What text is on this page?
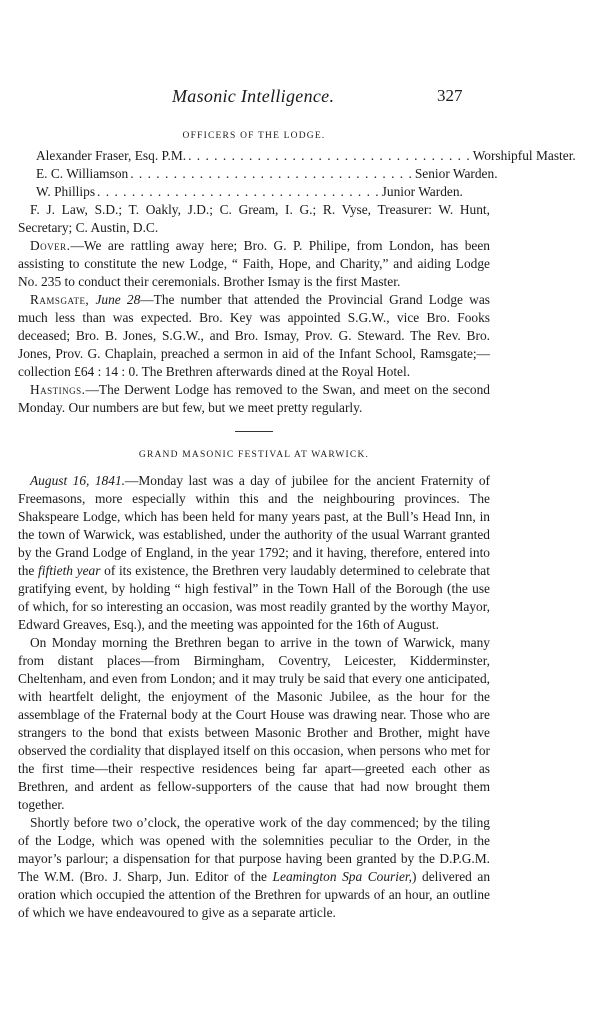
Masonic Intelligence.	327
OFFICERS OF THE LODGE.
Alexander Fraser, Esq. P.M. . . . . . . . . . . . . . . . . . . . . . . . . . . . . . . . . . Worshipful Master.
E. C. Williamson . . . . . . . . . . . . . . . . . . . . . . . . . . . . . . . . . Senior Warden.
W. Phillips . . . . . . . . . . . . . . . . . . . . . . . . . . . . . . . . . Junior Warden.

F. J. Law, S.D.; T. Oakly, J.D.; C. Gream, I. G.; R. Vyse, Treasurer: W. Hunt, Secretary; C. Austin, D.C.

Dover.—We are rattling away here; Bro. G. P. Philipe, from London, has been assisting to constitute the new Lodge, “ Faith, Hope, and Charity,” and aiding Lodge No. 235 to conduct their ceremonials. Brother Ismay is the first Master.

Ramsgate, June 28—The number that attended the Provincial Grand Lodge was much less than was expected. Bro. Key was appointed S.G.W., vice Bro. Fooks deceased; Bro. B. Jones, S.G.W., and Bro. Ismay, Prov. G. Steward. The Rev. Bro. Jones, Prov. G. Chaplain, preached a sermon in aid of the Infant School, Ramsgate;—collection £64 : 14 : 0. The Brethren afterwards dined at the Royal Hotel.

Hastings.—The Derwent Lodge has removed to the Swan, and meet on the second Monday. Our numbers are but few, but we meet pretty regularly.

GRAND MASONIC FESTIVAL AT WARWICK.

August 16, 1841.—Monday last was a day of jubilee for the ancient Fraternity of Freemasons, more especially within this and the neighbouring provinces. The Shakspeare Lodge, which has been held for many years past, at the Bull’s Head Inn, in the town of Warwick, was established, under the authority of the usual Warrant granted by the Grand Lodge of England, in the year 1792; and it having, therefore, entered into the fiftieth year of its existence, the Brethren very laudably determined to celebrate that gratifying event, by holding “ high festival” in the Town Hall of the Borough (the use of which, for so interesting an occasion, was most readily granted by the worthy Mayor, Edward Greaves, Esq.), and the meeting was appointed for the 16th of August.

On Monday morning the Brethren began to arrive in the town of Warwick, many from distant places—from Birmingham, Coventry, Leicester, Kidderminster, Cheltenham, and even from London; and it may truly be said that every one anticipated, with heartfelt delight, the enjoyment of the Masonic Jubilee, as the hour for the assemblage of the Fraternal body at the Court House was drawing near. Those who are strangers to the bond that exists between Masonic Brother and Brother, might have observed the cordiality that displayed itself on this occasion, when persons who met for the first time—their respective residences being far apart—greeted each other as Brethren, and ardent as fellow-supporters of the cause that had now brought them together.

Shortly before two o’clock, the operative work of the day commenced; by the tiling of the Lodge, which was opened with the solemnities peculiar to the Order, in the mayor’s parlour; a dispensation for that purpose having been granted by the D.P.G.M. The W.M. (Bro. J. Sharp, Jun. Editor of the Leamington Spa Courier,) delivered an oration which occupied the attention of the Brethren for upwards of an hour, an outline of which we have endeavoured to give as a separate article.
